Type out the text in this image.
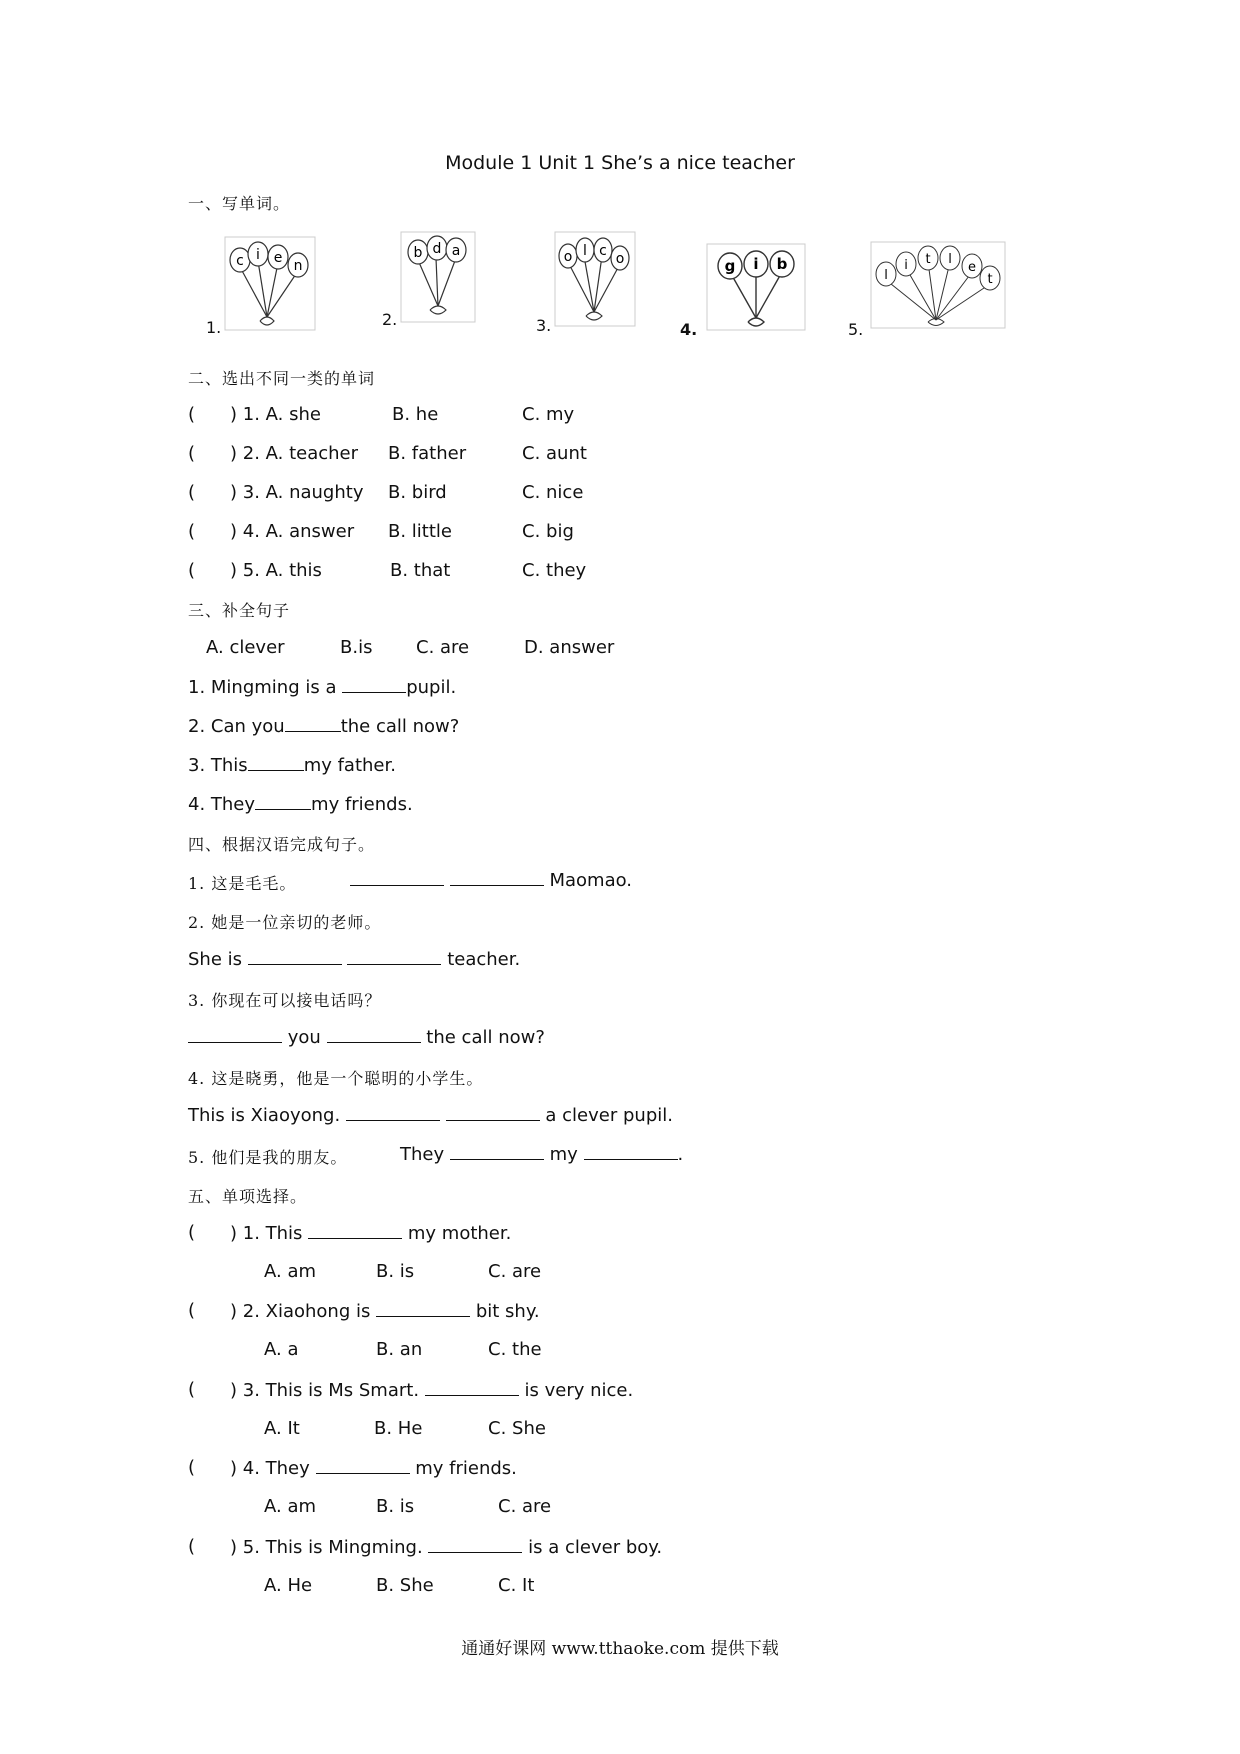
Module 1 Unit 1 She’s a nice teacher
一、写单词。
1.
c i e n
2.
b d a
3.
o l c o
4.
g i b
5.
l
i t l
e
t
二、选出不同一类的单词
( ) 1. A. she	B. he	C. my
( ) 2. A. teacher B. father	C. aunt
( ) 3. A. naughty B. bird	C. nice
( ) 4. A. answer B. little	C. big
( ) 5. A. this	B. that	C. they
三、补全句子
A. clever	B.is C. are	D. answer
1. Mingming is a	pupil.
2. Can you	the call now?
3. This	my father.
4. They	my friends.
四、根据汉语完成句子。
1. 这是毛毛。	Maomao.
2. 她是一位亲切的老师。
She is	teacher.
3. 你现在可以接电话吗？
you	the call now?
4. 这是晓勇，他是一个聪明的小学生。
This is Xiaoyong.	a clever pupil.
5. 他们是我的朋友。	They	my	.
五、单项选择。
( ) 1. This	my mother.
A. am	B. is	C. are
( ) 2. Xiaohong is	bit shy.
A. a	B. an	C. the
( ) 3. This is Ms Smart.	is very nice.
A. It	B. He	C. She
( ) 4. They	my friends.
A. am	B. is	C. are
( ) 5. This is Mingming.	is a clever boy.
A. He	B. She	C. It
通通好课网 www.tthaoke.com 提供下载
